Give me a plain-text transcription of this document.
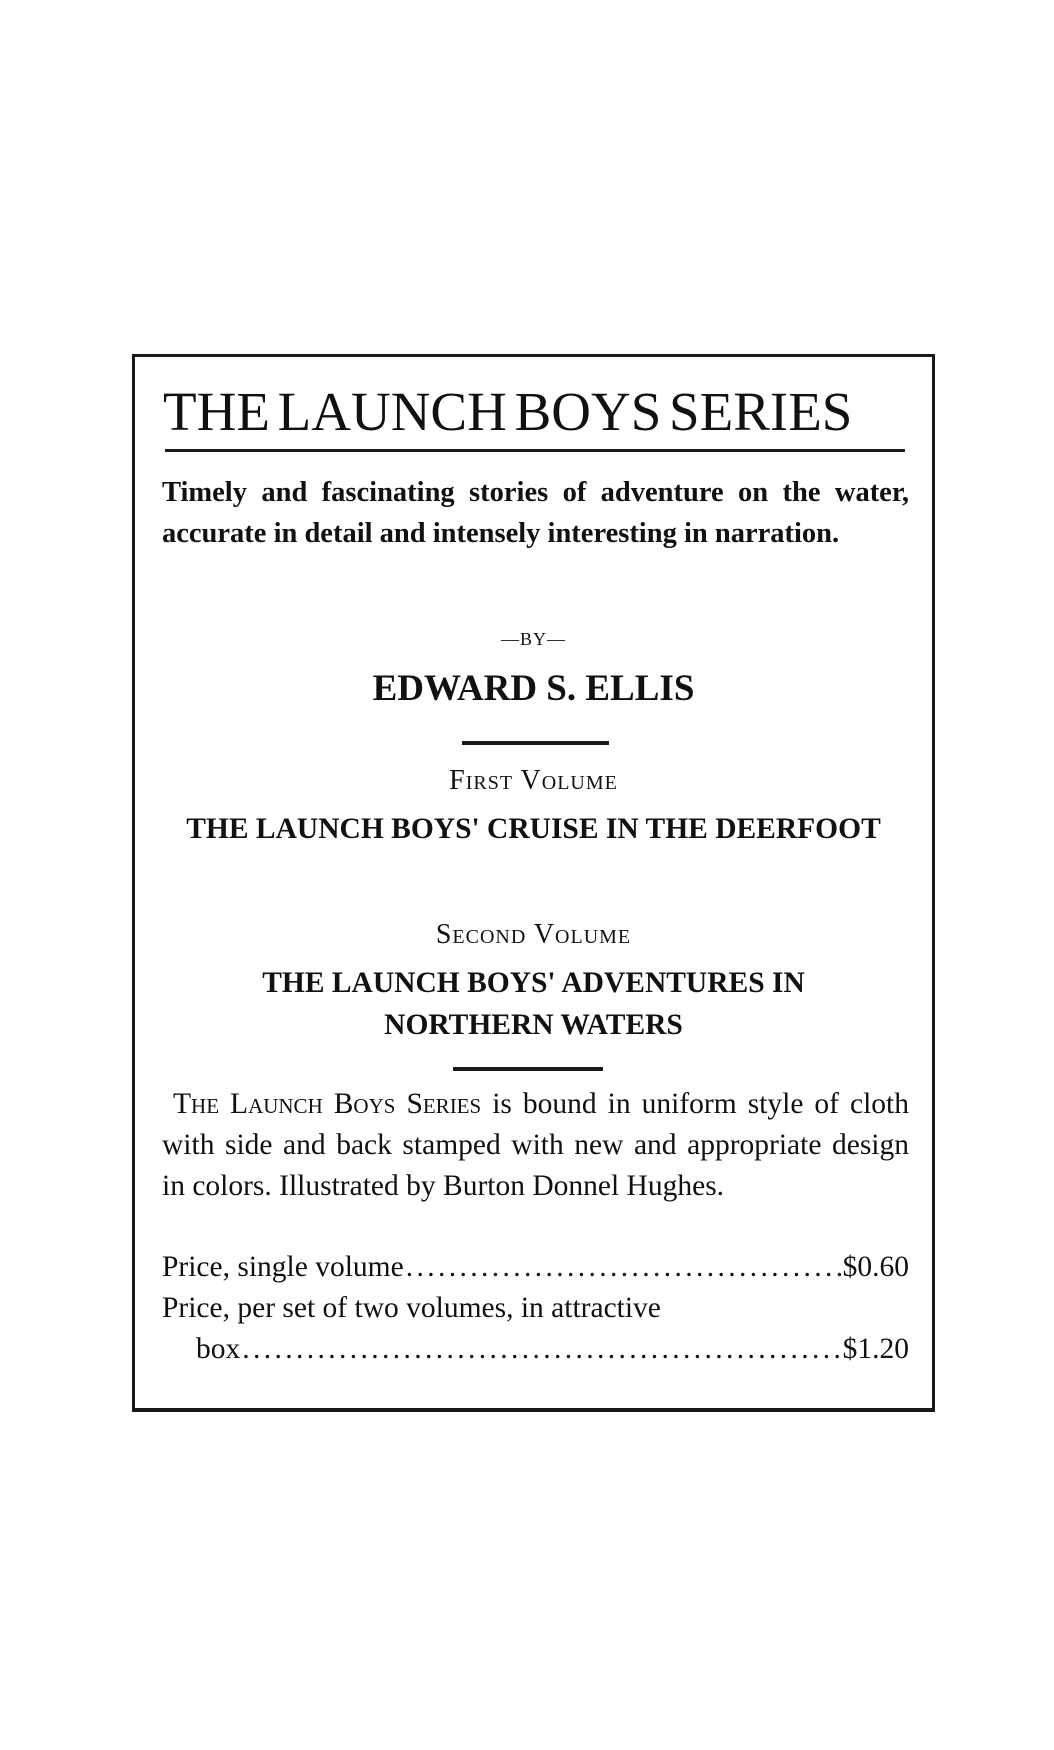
THE LAUNCH BOYS SERIES
Timely and fascinating stories of adventure on the water, accurate in detail and intensely interesting in narration.
—BY—
EDWARD S. ELLIS
First Volume
THE LAUNCH BOYS' CRUISE IN THE DEERFOOT
Second Volume
THE LAUNCH BOYS' ADVENTURES IN NORTHERN WATERS
The Launch Boys Series is bound in uniform style of cloth with side and back stamped with new and appropriate design in colors. Illustrated by Burton Donnel Hughes.
Price, single volume . . .	$0.60
Price, per set of two volumes, in attractive
box . . .	$1.20
